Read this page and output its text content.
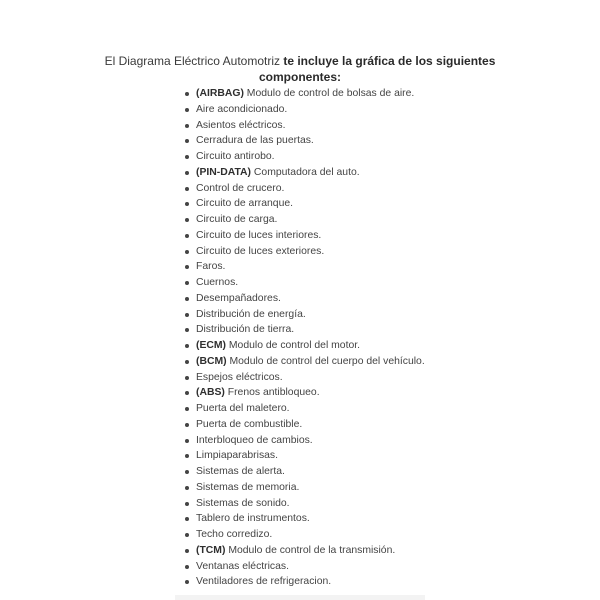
El Diagrama Eléctrico Automotriz te incluye la gráfica de los siguientes componentes:

(AIRBAG) Modulo de control de bolsas de aire.
Aire acondicionado.
Asientos eléctricos.
Cerradura de las puertas.
Circuito antirobo.
(PIN-DATA) Computadora del auto.
Control de crucero.
Circuito de arranque.
Circuito de carga.
Circuito de luces interiores.
Circuito de luces exteriores.
Faros.
Cuernos.
Desempañadores.
Distribución de energía.
Distribución de tierra.
(ECM) Modulo de control del motor.
(BCM) Modulo de control del cuerpo del vehículo.
Espejos eléctricos.
(ABS) Frenos antibloqueo.
Puerta del maletero.
Puerta de combustible.
Interbloqueo de cambios.
Limpiaparabrisas.
Sistemas de alerta.
Sistemas de memoria.
Sistemas de sonido.
Tablero de instrumentos.
Techo corredizo.
(TCM) Modulo de control de la transmisión.
Ventanas eléctricas.
Ventiladores de refrigeracion.
